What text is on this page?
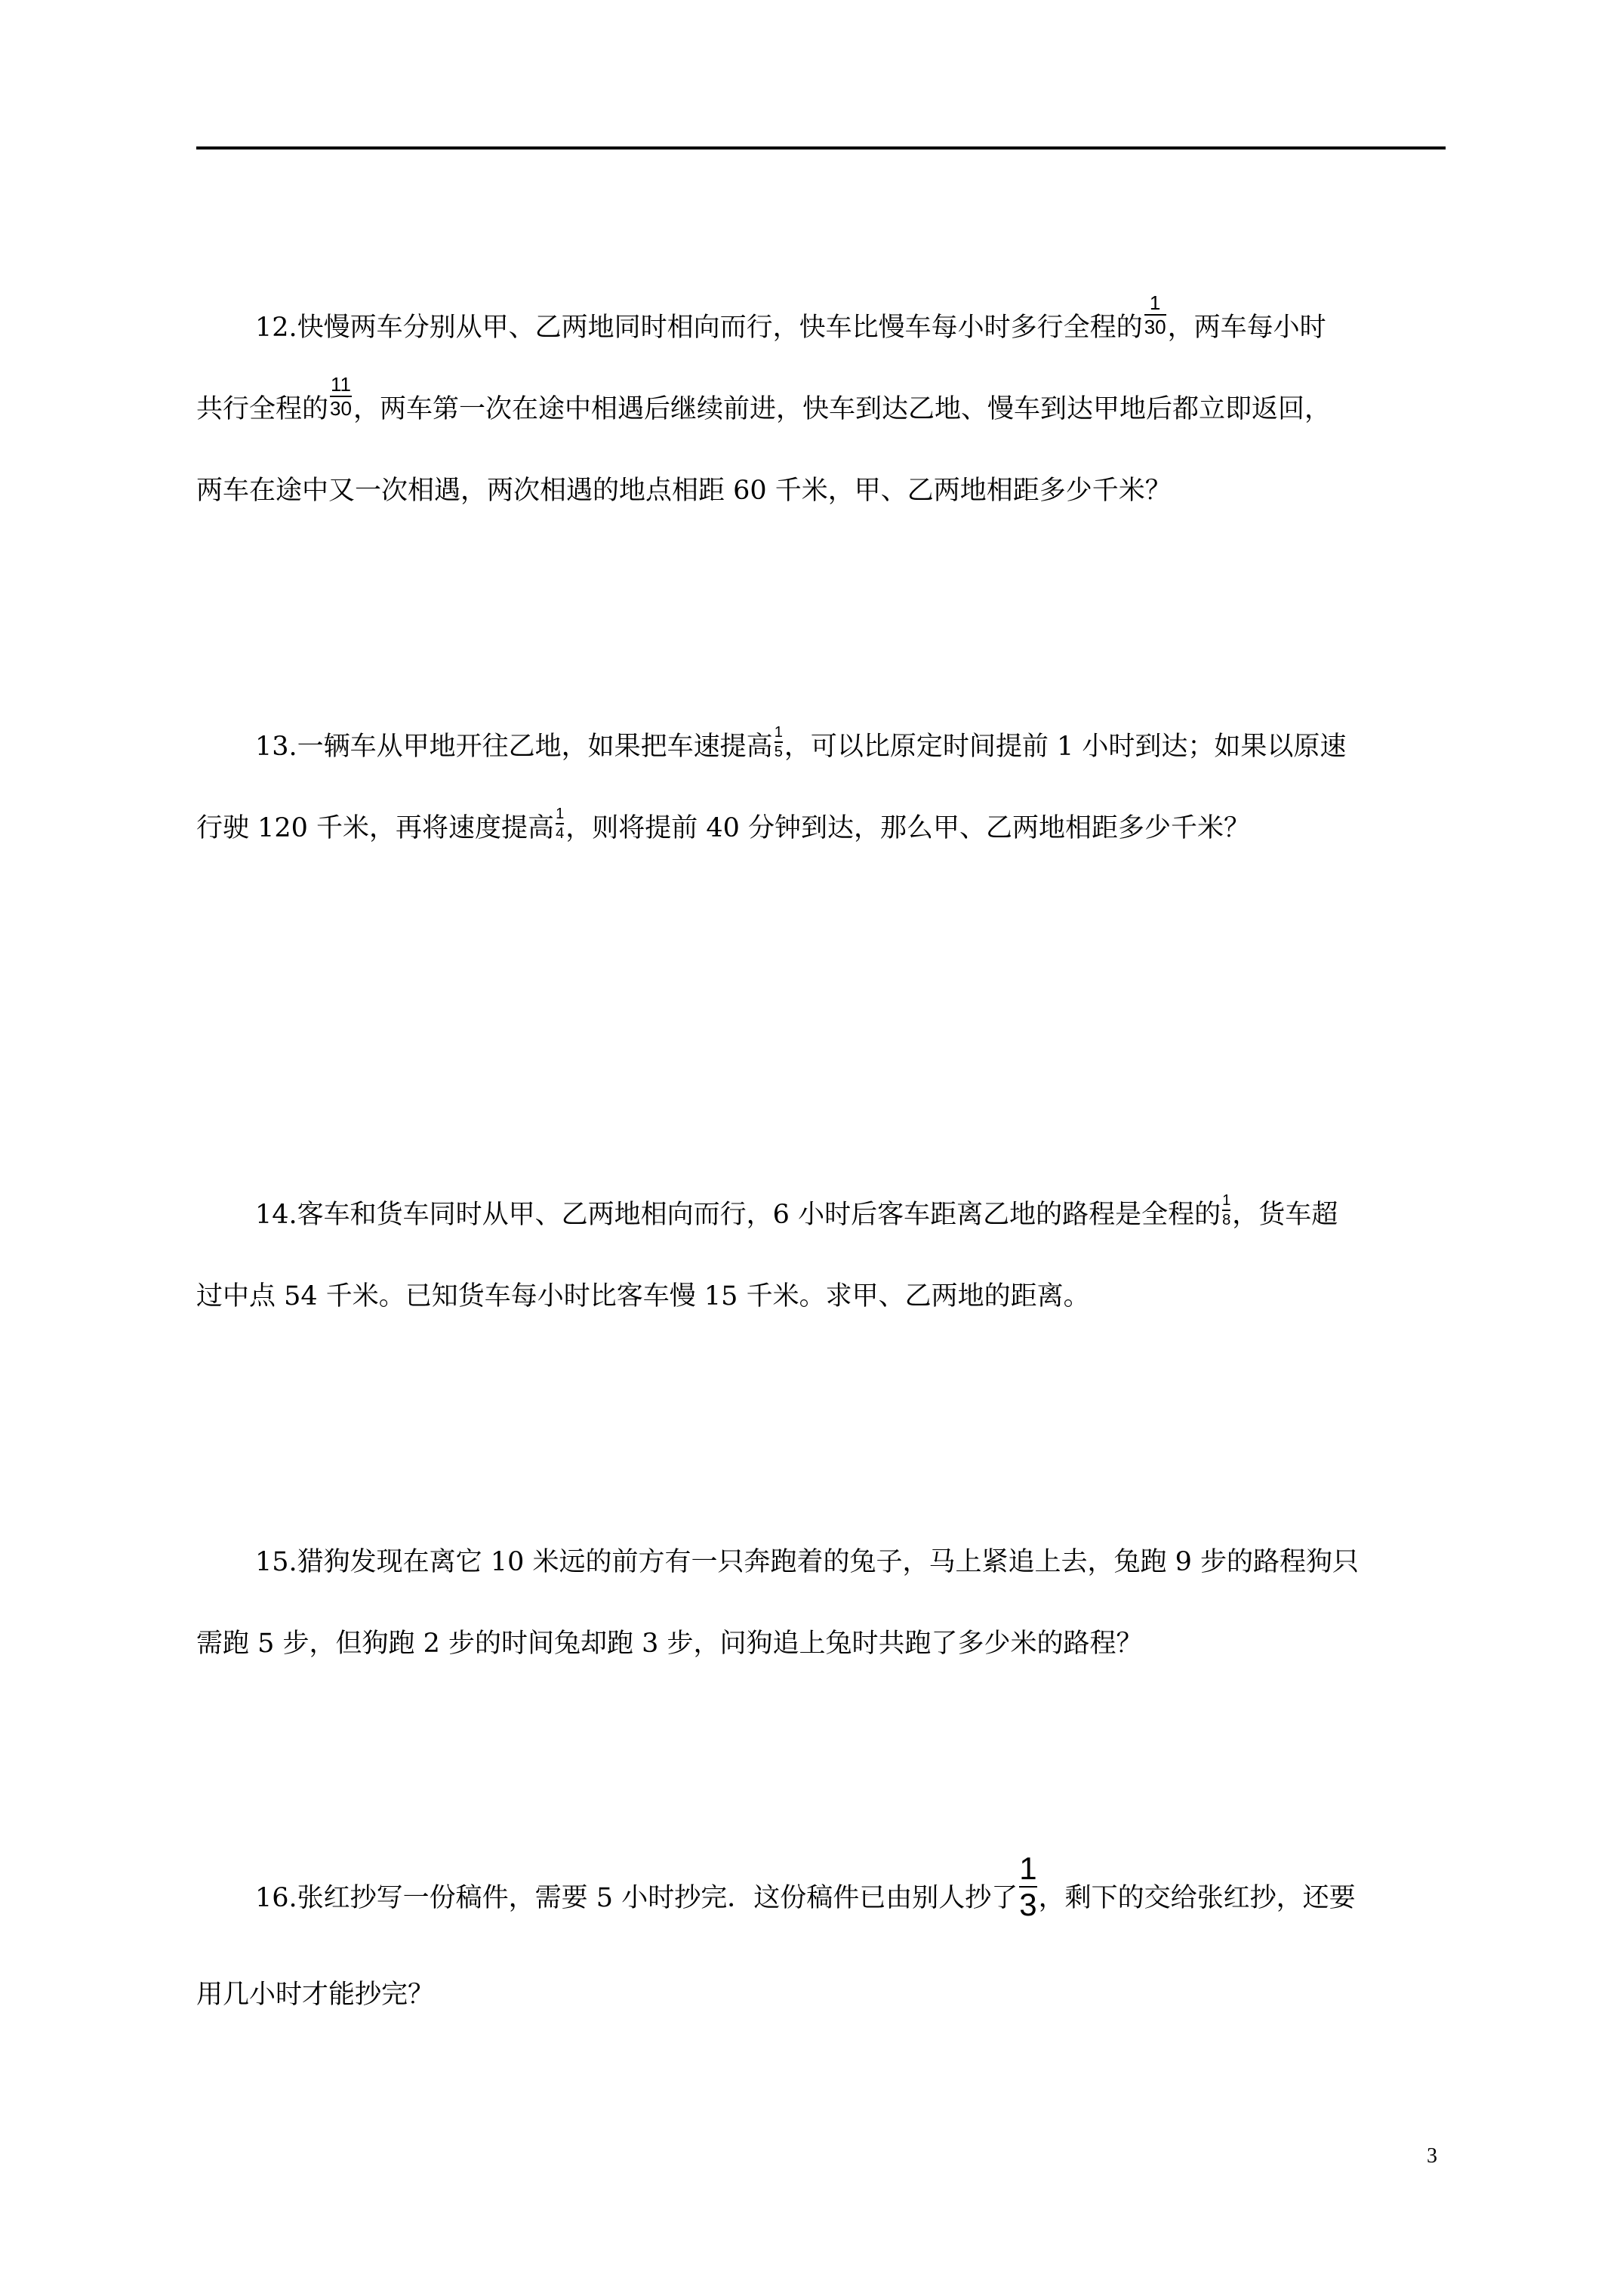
12.快慢两车分别从甲、乙两地同时相向而行，快车比慢车每小时多行全程的 $\frac{1}{30}$ ，两车每小时
共行全程的 $\frac{11}{30}$ ，两车第一次在途中相遇后继续前进，快车到达乙地、慢车到达甲地后都立即返回，
两车在途中又一次相遇，两次相遇的地点相距 60 千米，甲、乙两地相距多少千米？
13.一辆车从甲地开往乙地，如果把车速提高 $\frac{1}{5}$ ，可以比原定时间提前 1 小时到达；如果以原速
行驶 120 千米，再将速度提高 $\frac{1}{4}$ ，则将提前 40 分钟到达，那么甲、乙两地相距多少千米？
14.客车和货车同时从甲、乙两地相向而行，6 小时后客车距离乙地的路程是全程的 $\frac{1}{8}$ ，货车超
过中点 54 千米。已知货车每小时比客车慢 15 千米。求甲、乙两地的距离。
15.猎狗发现在离它 10 米远的前方有一只奔跑着的兔子，马上紧追上去，兔跑 9 步的路程狗只
需跑 5 步，但狗跑 2 步的时间兔却跑 3 步，问狗追上兔时共跑了多少米的路程？
16.张红抄写一份稿件，需要 5 小时抄完．这份稿件已由别人抄了 $\frac{1}{3}$ ，剩下的交给张红抄，还要
用几小时才能抄完？
3
